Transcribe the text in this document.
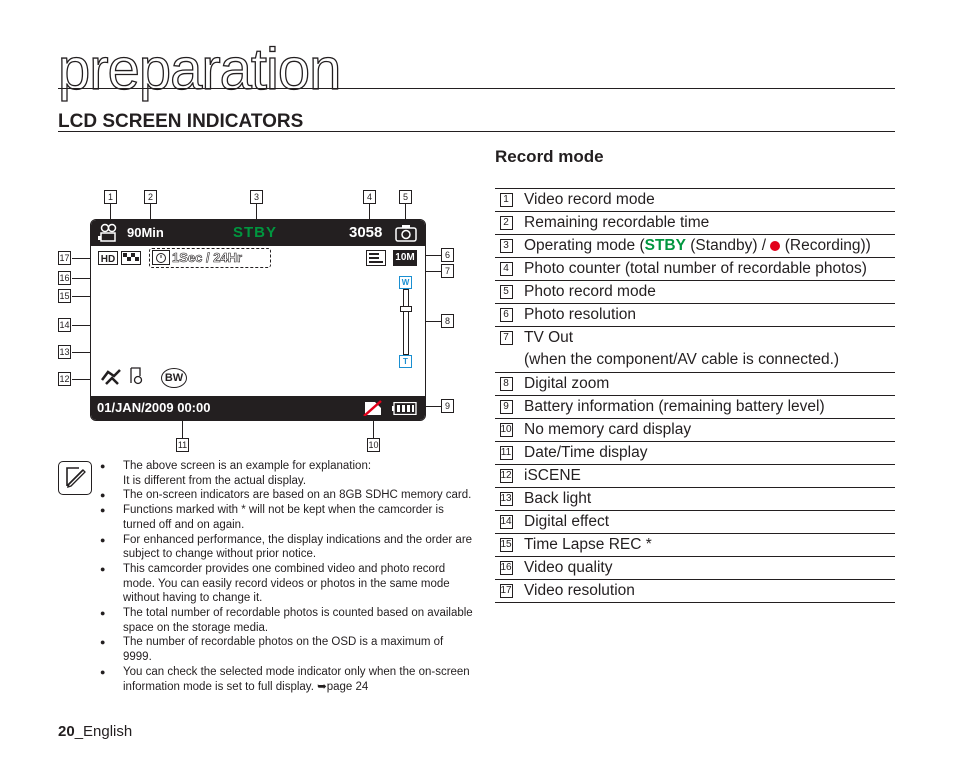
preparation
LCD SCREEN INDICATORS
Record mode
1 Video record mode
2 Remaining recordable time
3 Operating mode (STBY (Standby) /  (Recording))
4 Photo counter (total number of recordable photos)
5 Photo record mode
6 Photo resolution
7 TV Out
(when the component/AV cable is connected.)
8 Digital zoom
9 Battery information (remaining battery level)
10 No memory card display
11 Date/Time display
12 iSCENE
13 Back light
14 Digital effect
15 Time Lapse REC *
16 Video quality
17 Video resolution
1	2	3	4	5
6
7
8
9
11	10
17
16
15
14
13
12
90Min	STBY	3058
HD	1Sec / 24Hr	10M
W
T
BW
01/JAN/2009 00:00
● The above screen is an example for explanation:
It is different from the actual display.
● The on-screen indicators are based on an 8GB SDHC memory card.
● Functions marked with * will not be kept when the camcorder is turned off and on again.
● For enhanced performance, the display indications and the order are subject to change without prior notice.
● This camcorder provides one combined video and photo record mode. You can easily record videos or photos in the same mode without having to change it.
● The total number of recordable photos is counted based on available space on the storage media.
● The number of recordable photos on the OSD is a maximum of 9999.
● You can check the selected mode indicator only when the on-screen information mode is set to full display. ➥page 24
20_English
